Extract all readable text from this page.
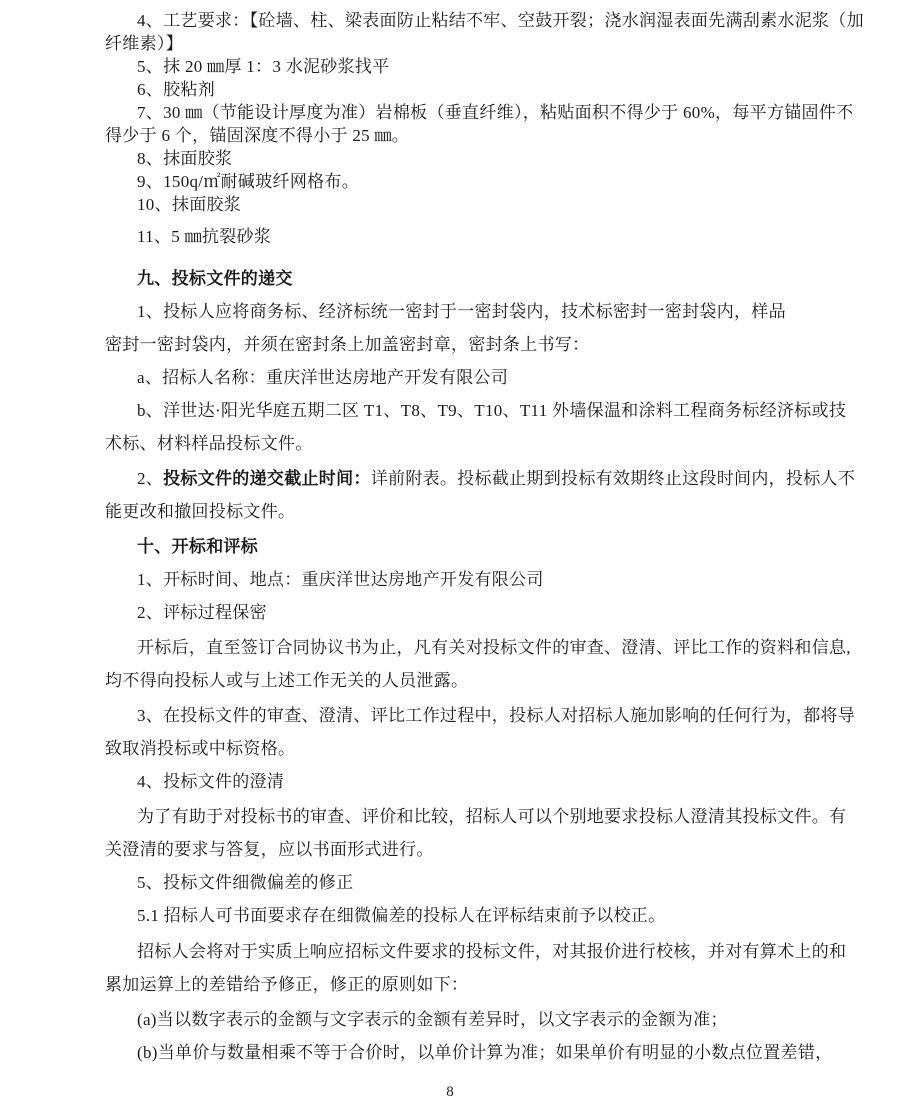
4、工艺要求：【砼墙、柱、梁表面防止粘结不牢、空鼓开裂；浇水润湿表面先满刮素水泥浆（加
纤维素）】
5、抹 20 ㎜厚 1：3 水泥砂浆找平
6、胶粘剂
7、30 ㎜（节能设计厚度为准）岩棉板（垂直纤维），粘贴面积不得少于 60%，每平方锚固件不
得少于 6 个，锚固深度不得小于 25 ㎜。
8、抹面胶浆
9、150q/㎡耐碱玻纤网格布。
10、抹面胶浆
11、5 ㎜抗裂砂浆
九、投标文件的递交
1、投标人应将商务标、经济标统一密封于一密封袋内，技术标密封一密封袋内，样品
密封一密封袋内，并须在密封条上加盖密封章，密封条上书写：
a、招标人名称：重庆洋世达房地产开发有限公司
b、洋世达·阳光华庭五期二区 T1、T8、T9、T10、T11 外墙保温和涂料工程商务标经济标或技
术标、材料样品投标文件。
2、投标文件的递交截止时间：详前附表。投标截止期到投标有效期终止这段时间内，投标人不
能更改和撤回投标文件。
十、开标和评标
1、开标时间、地点：重庆洋世达房地产开发有限公司
2、评标过程保密
开标后，直至签订合同协议书为止，凡有关对投标文件的审查、澄清、评比工作的资料和信息,
均不得向投标人或与上述工作无关的人员泄露。
3、在投标文件的审查、澄清、评比工作过程中，投标人对招标人施加影响的任何行为，都将导
致取消投标或中标资格。
4、投标文件的澄清
为了有助于对投标书的审查、评价和比较，招标人可以个别地要求投标人澄清其投标文件。有
关澄清的要求与答复，应以书面形式进行。
5、投标文件细微偏差的修正
5.1 招标人可书面要求存在细微偏差的投标人在评标结束前予以校正。
招标人会将对于实质上响应招标文件要求的投标文件，对其报价进行校核，并对有算术上的和
累加运算上的差错给予修正，修正的原则如下：
(a)当以数字表示的金额与文字表示的金额有差异时，以文字表示的金额为准；
(b)当单价与数量相乘不等于合价时，以单价计算为准；如果单价有明显的小数点位置差错，
8
